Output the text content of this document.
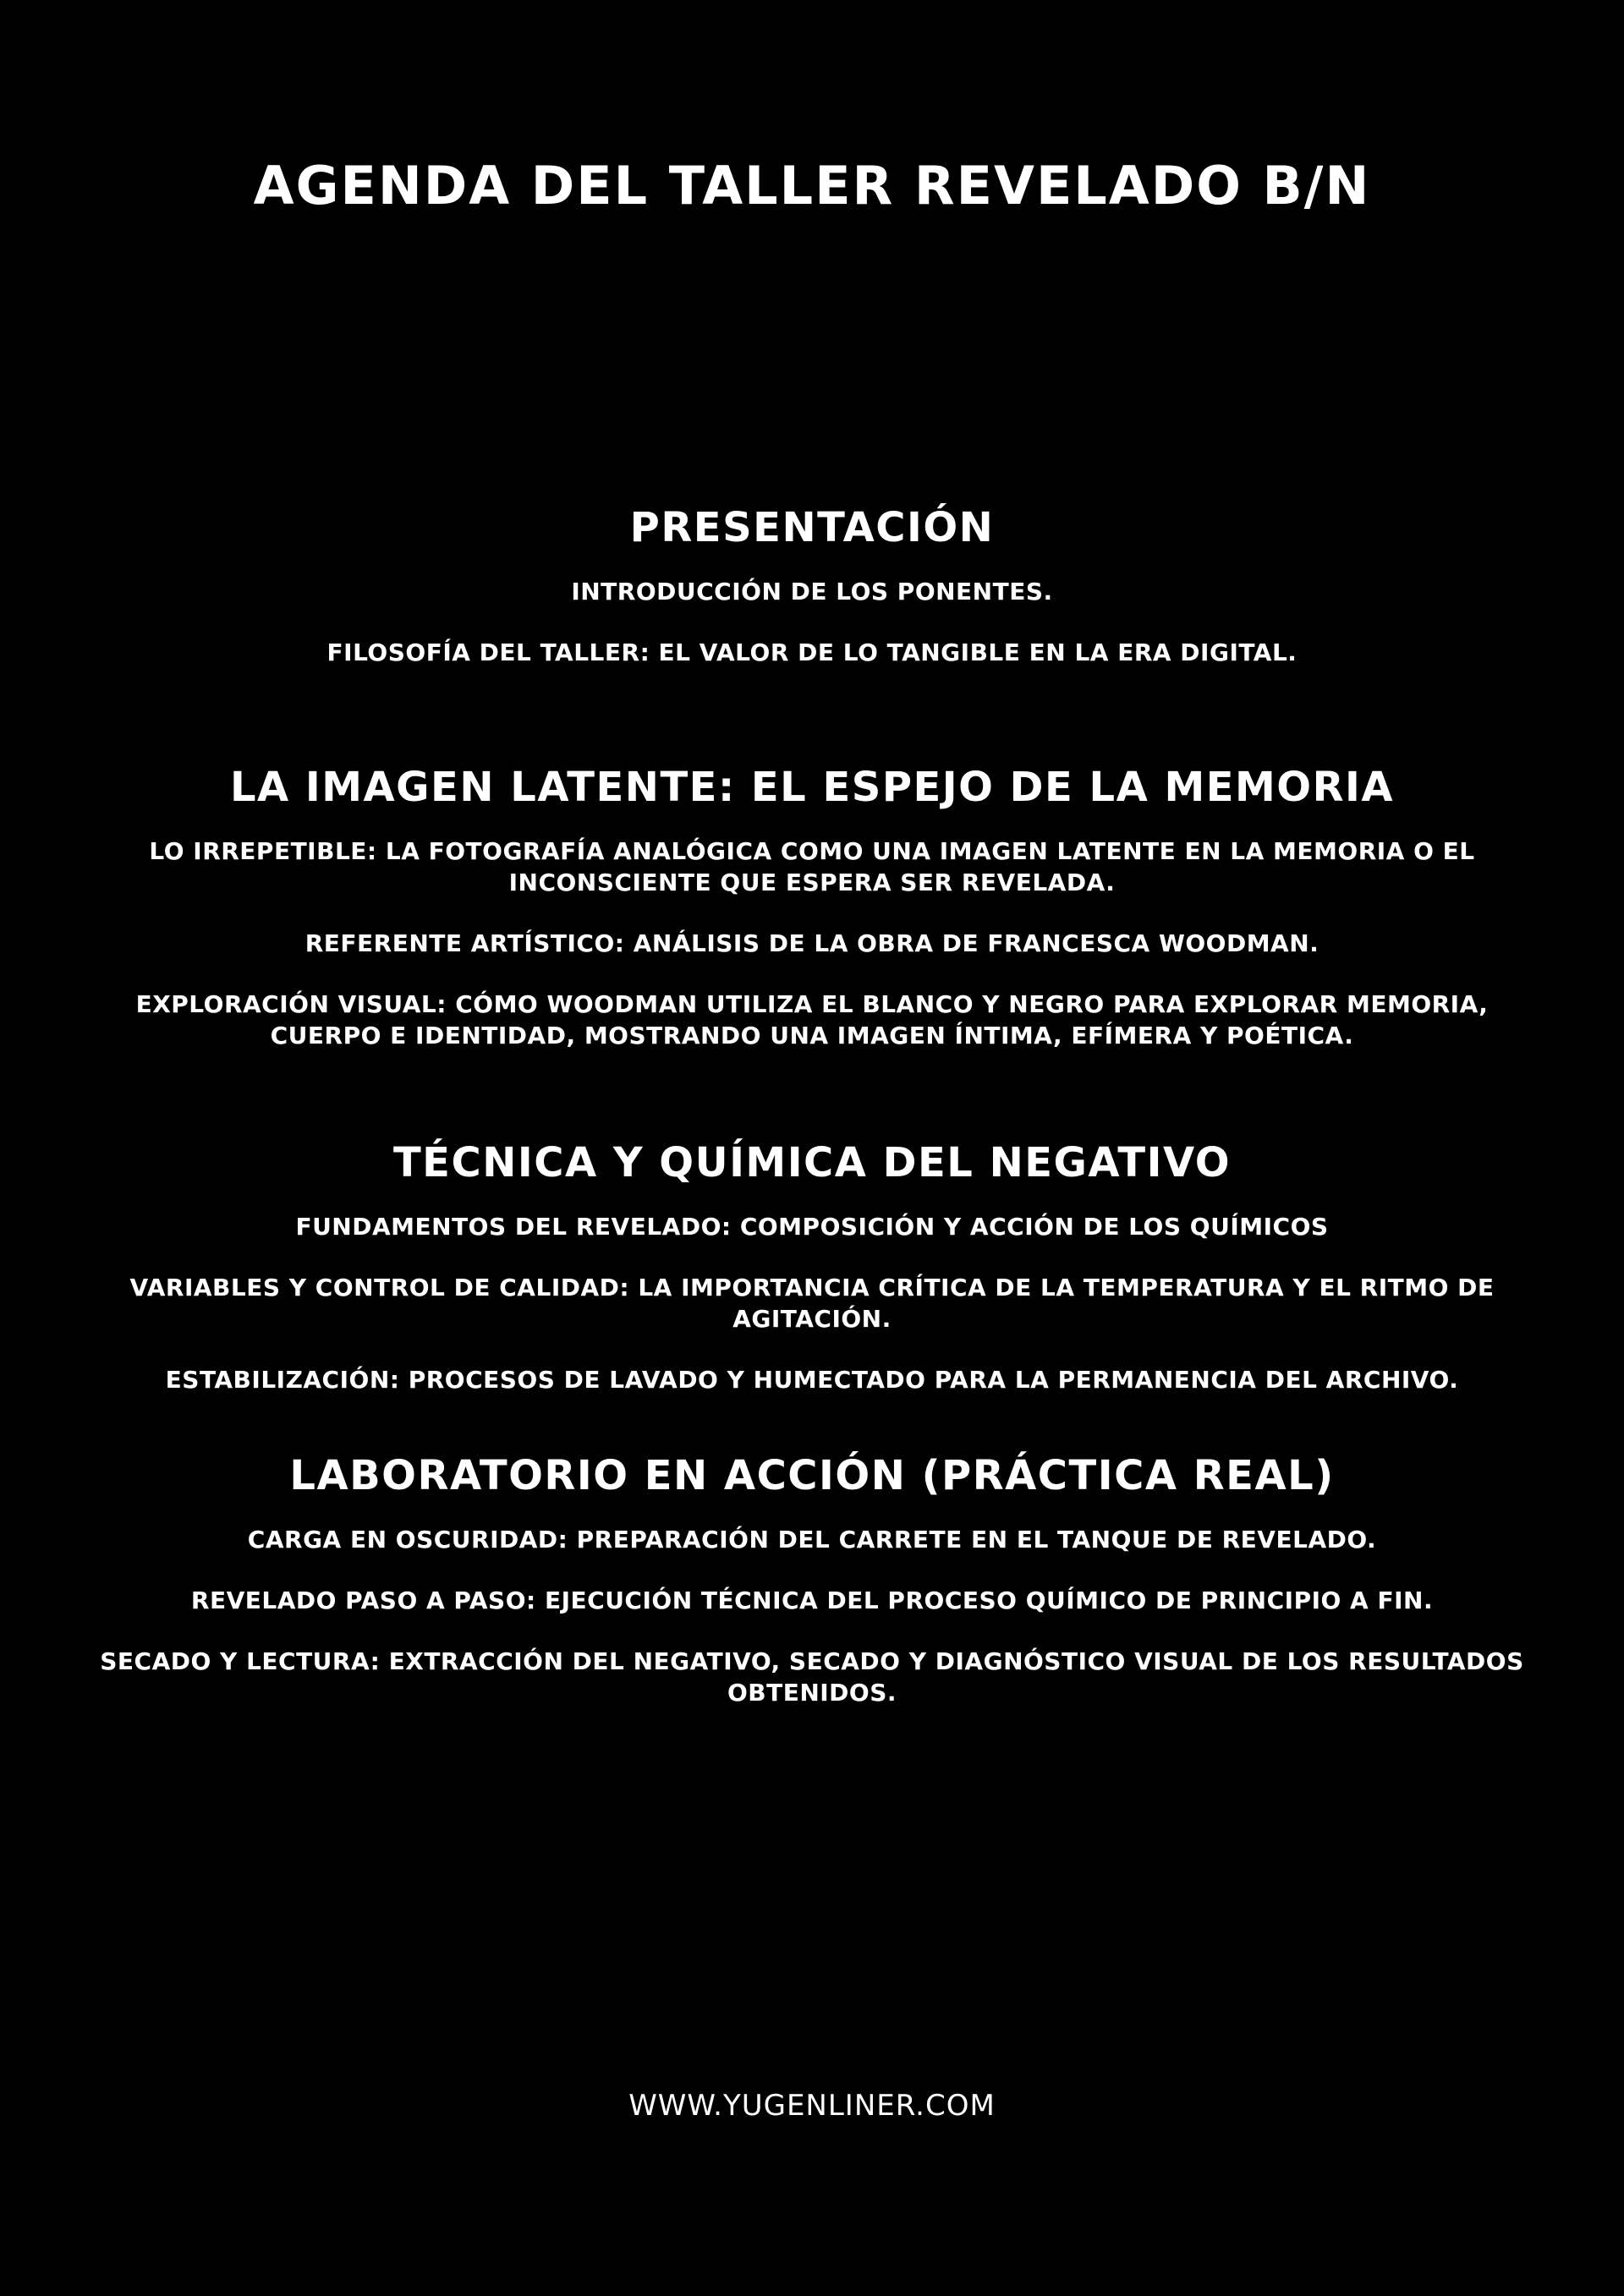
AGENDA DEL TALLER REVELADO B/N
PRESENTACIÓN
INTRODUCCIÓN DE LOS PONENTES.
FILOSOFÍA DEL TALLER: EL VALOR DE LO TANGIBLE EN LA ERA DIGITAL.
LA IMAGEN LATENTE: EL ESPEJO DE LA MEMORIA
LO IRREPETIBLE: LA FOTOGRAFÍA ANALÓGICA COMO UNA IMAGEN LATENTE EN LA MEMORIA O EL INCONSCIENTE QUE ESPERA SER REVELADA.
REFERENTE ARTÍSTICO: ANÁLISIS DE LA OBRA DE FRANCESCA WOODMAN.
EXPLORACIÓN VISUAL: CÓMO WOODMAN UTILIZA EL BLANCO Y NEGRO PARA EXPLORAR MEMORIA, CUERPO E IDENTIDAD, MOSTRANDO UNA IMAGEN ÍNTIMA, EFÍMERA Y POÉTICA.
TÉCNICA Y QUÍMICA DEL NEGATIVO
FUNDAMENTOS DEL REVELADO: COMPOSICIÓN Y ACCIÓN DE LOS QUÍMICOS
VARIABLES Y CONTROL DE CALIDAD: LA IMPORTANCIA CRÍTICA DE LA TEMPERATURA Y EL RITMO DE AGITACIÓN.
ESTABILIZACIÓN: PROCESOS DE LAVADO Y HUMECTADO PARA LA PERMANENCIA DEL ARCHIVO.
LABORATORIO EN ACCIÓN (PRÁCTICA REAL)
CARGA EN OSCURIDAD: PREPARACIÓN DEL CARRETE EN EL TANQUE DE REVELADO.
REVELADO PASO A PASO: EJECUCIÓN TÉCNICA DEL PROCESO QUÍMICO DE PRINCIPIO A FIN.
SECADO Y LECTURA: EXTRACCIÓN DEL NEGATIVO, SECADO Y DIAGNÓSTICO VISUAL DE LOS RESULTADOS OBTENIDOS.
WWW.YUGENLINER.COM
